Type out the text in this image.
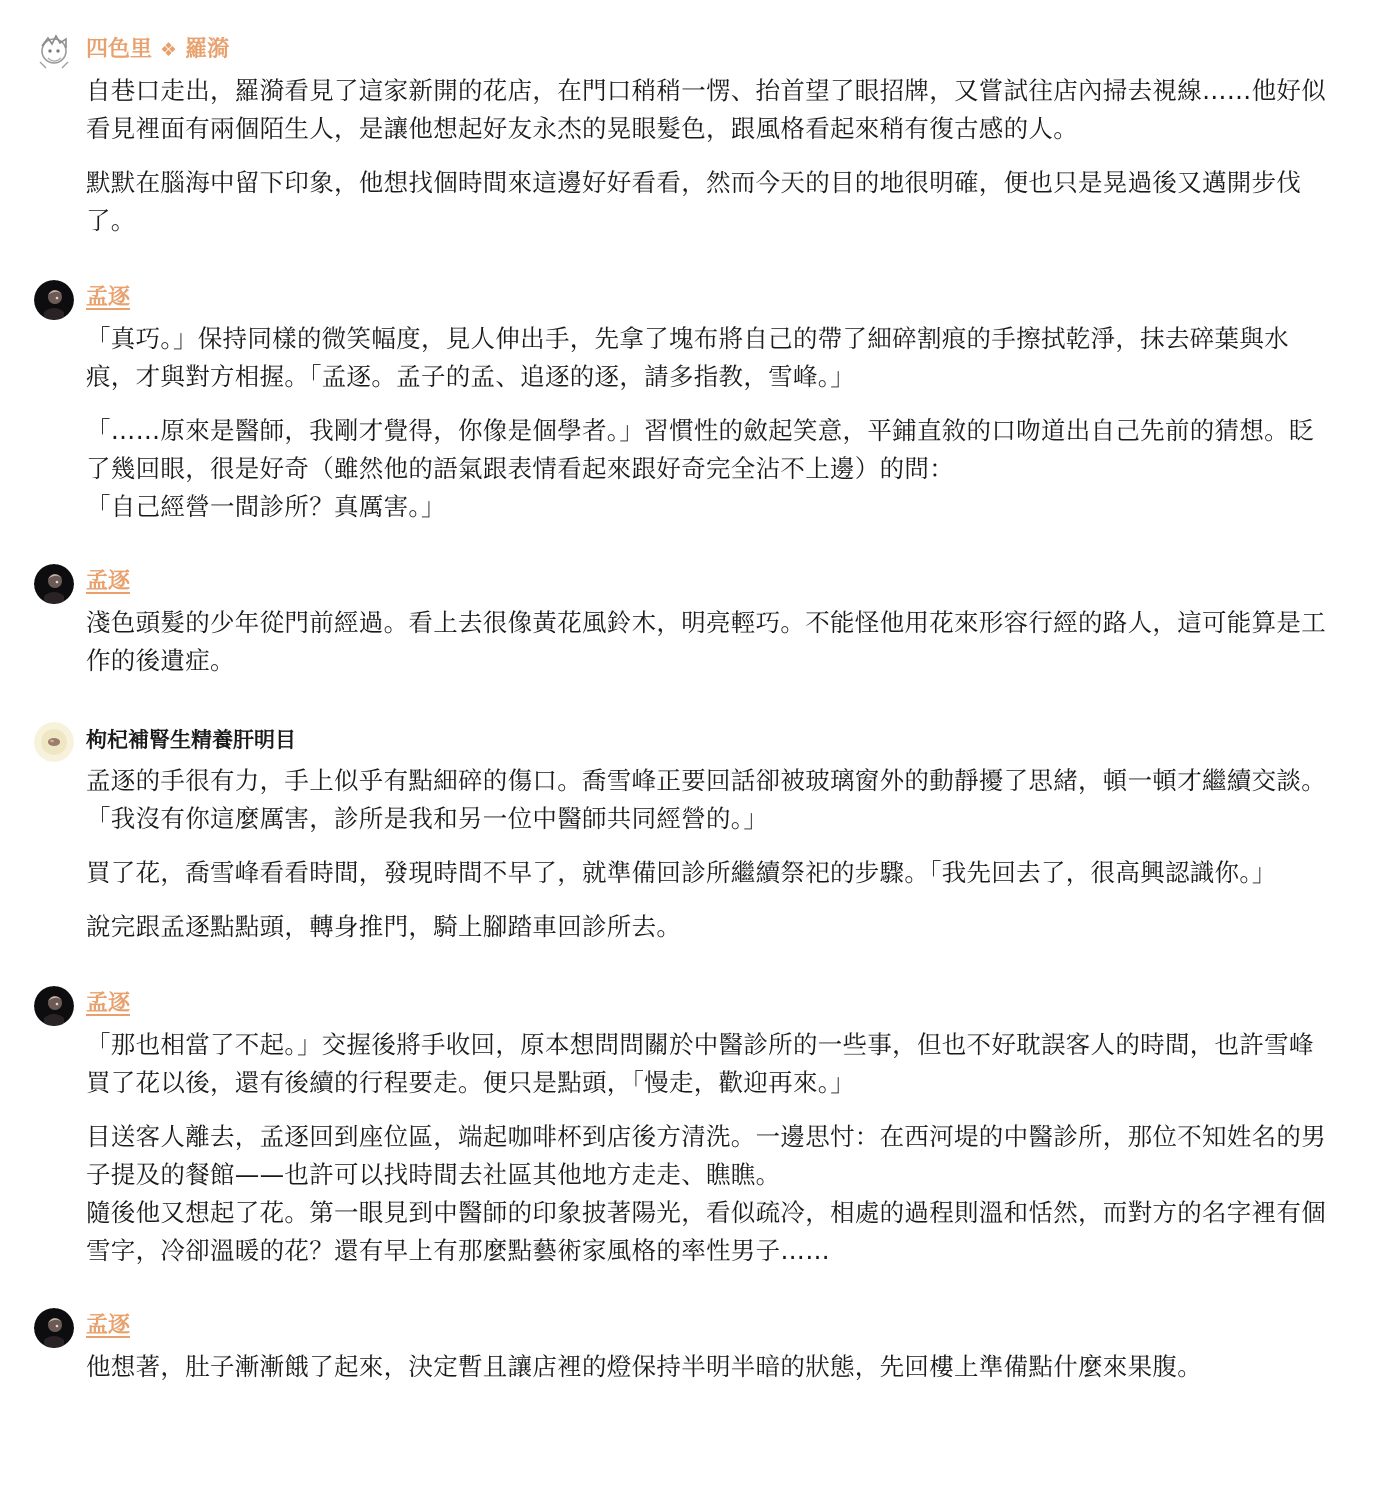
四色里 ❖ 羅漪

自巷口走出，羅漪看見了這家新開的花店，在門口稍稍一愣、抬首望了眼招牌，又嘗試往店內掃去視線……他好似看見裡面有兩個陌生人，是讓他想起好友永杰的晃眼髮色，跟風格看起來稍有復古感的人。

默默在腦海中留下印象，他想找個時間來這邊好好看看，然而今天的目的地很明確，便也只是晃過後又邁開步伐了。

孟逐

「真巧。」保持同樣的微笑幅度，見人伸出手，先拿了塊布將自己的帶了細碎割痕的手擦拭乾淨，抹去碎葉與水痕，才與對方相握。「孟逐。孟子的孟、追逐的逐，請多指教，雪峰。」

「……原來是醫師，我剛才覺得，你像是個學者。」習慣性的斂起笑意，平鋪直敘的口吻道出自己先前的猜想。眨了幾回眼，很是好奇（雖然他的語氣跟表情看起來跟好奇完全沾不上邊）的問：

「自己經營一間診所？真厲害。」

孟逐

淺色頭髮的少年從門前經過。看上去很像黃花風鈴木，明亮輕巧。不能怪他用花來形容行經的路人，這可能算是工作的後遺症。

枸杞補腎生精養肝明目

孟逐的手很有力，手上似乎有點細碎的傷口。喬雪峰正要回話卻被玻璃窗外的動靜擾了思緒，頓一頓才繼續交談。「我沒有你這麼厲害，診所是我和另一位中醫師共同經營的。」

買了花，喬雪峰看看時間，發現時間不早了，就準備回診所繼續祭祀的步驟。「我先回去了，很高興認識你。」

說完跟孟逐點點頭，轉身推門，騎上腳踏車回診所去。

孟逐

「那也相當了不起。」交握後將手收回，原本想問問關於中醫診所的一些事，但也不好耽誤客人的時間，也許雪峰買了花以後，還有後續的行程要走。便只是點頭，「慢走，歡迎再來。」

目送客人離去，孟逐回到座位區，端起咖啡杯到店後方清洗。一邊思忖：在西河堤的中醫診所，那位不知姓名的男子提及的餐館——也許可以找時間去社區其他地方走走、瞧瞧。

隨後他又想起了花。第一眼見到中醫師的印象披著陽光，看似疏冷，相處的過程則溫和恬然，而對方的名字裡有個雪字，冷卻溫暖的花？還有早上有那麼點藝術家風格的率性男子……

孟逐

他想著，肚子漸漸餓了起來，決定暫且讓店裡的燈保持半明半暗的狀態，先回樓上準備點什麼來果腹。
